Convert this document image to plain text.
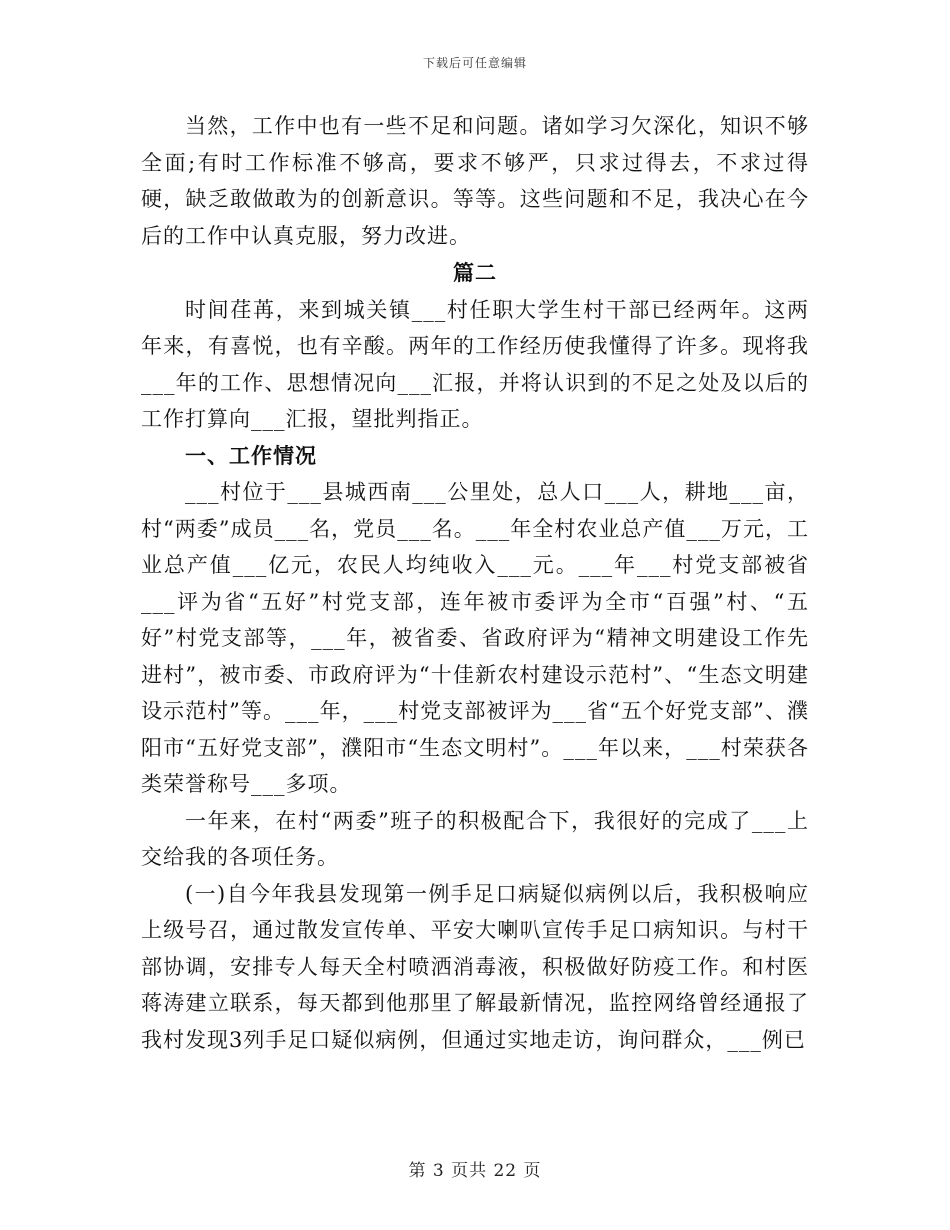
下载后可任意编辑

当然，工作中也有一些不足和问题。诸如学习欠深化，知识不够全面;有时工作标准不够高，要求不够严，只求过得去，不求过得硬，缺乏敢做敢为的创新意识。等等。这些问题和不足，我决心在今后的工作中认真克服，努力改进。

篇二

时间荏苒，来到城关镇___村任职大学生村干部已经两年。这两年来，有喜悦，也有辛酸。两年的工作经历使我懂得了许多。现将我___年的工作、思想情况向___汇报，并将认识到的不足之处及以后的工作打算向___汇报，望批判指正。

一、工作情况

___村位于___县城西南___公里处，总人口___人，耕地___亩，村“两委”成员___名，党员___名。___年全村农业总产值___万元，工业总产值___亿元，农民人均纯收入___元。___年___村党支部被省___评为省“五好”村党支部，连年被市委评为全市“百强”村、“五好”村党支部等，___年，被省委、省政府评为“精神文明建设工作先进村”，被市委、市政府评为“十佳新农村建设示范村”、“生态文明建设示范村”等。___年，___村党支部被评为___省“五个好党支部”、濮阳市“五好党支部”，濮阳市“生态文明村”。___年以来，___村荣获各类荣誉称号___多项。

一年来，在村“两委”班子的积极配合下，我很好的完成了___上交给我的各项任务。

(一)自今年我县发现第一例手足口病疑似病例以后，我积极响应上级号召，通过散发宣传单、平安大喇叭宣传手足口病知识。与村干部协调，安排专人每天全村喷洒消毒液，积极做好防疫工作。和村医蒋涛建立联系，每天都到他那里了解最新情况，监控网络曾经通报了我村发现3列手足口疑似病例，但通过实地走访，询问群众，___例已

第 3 页共 22 页
